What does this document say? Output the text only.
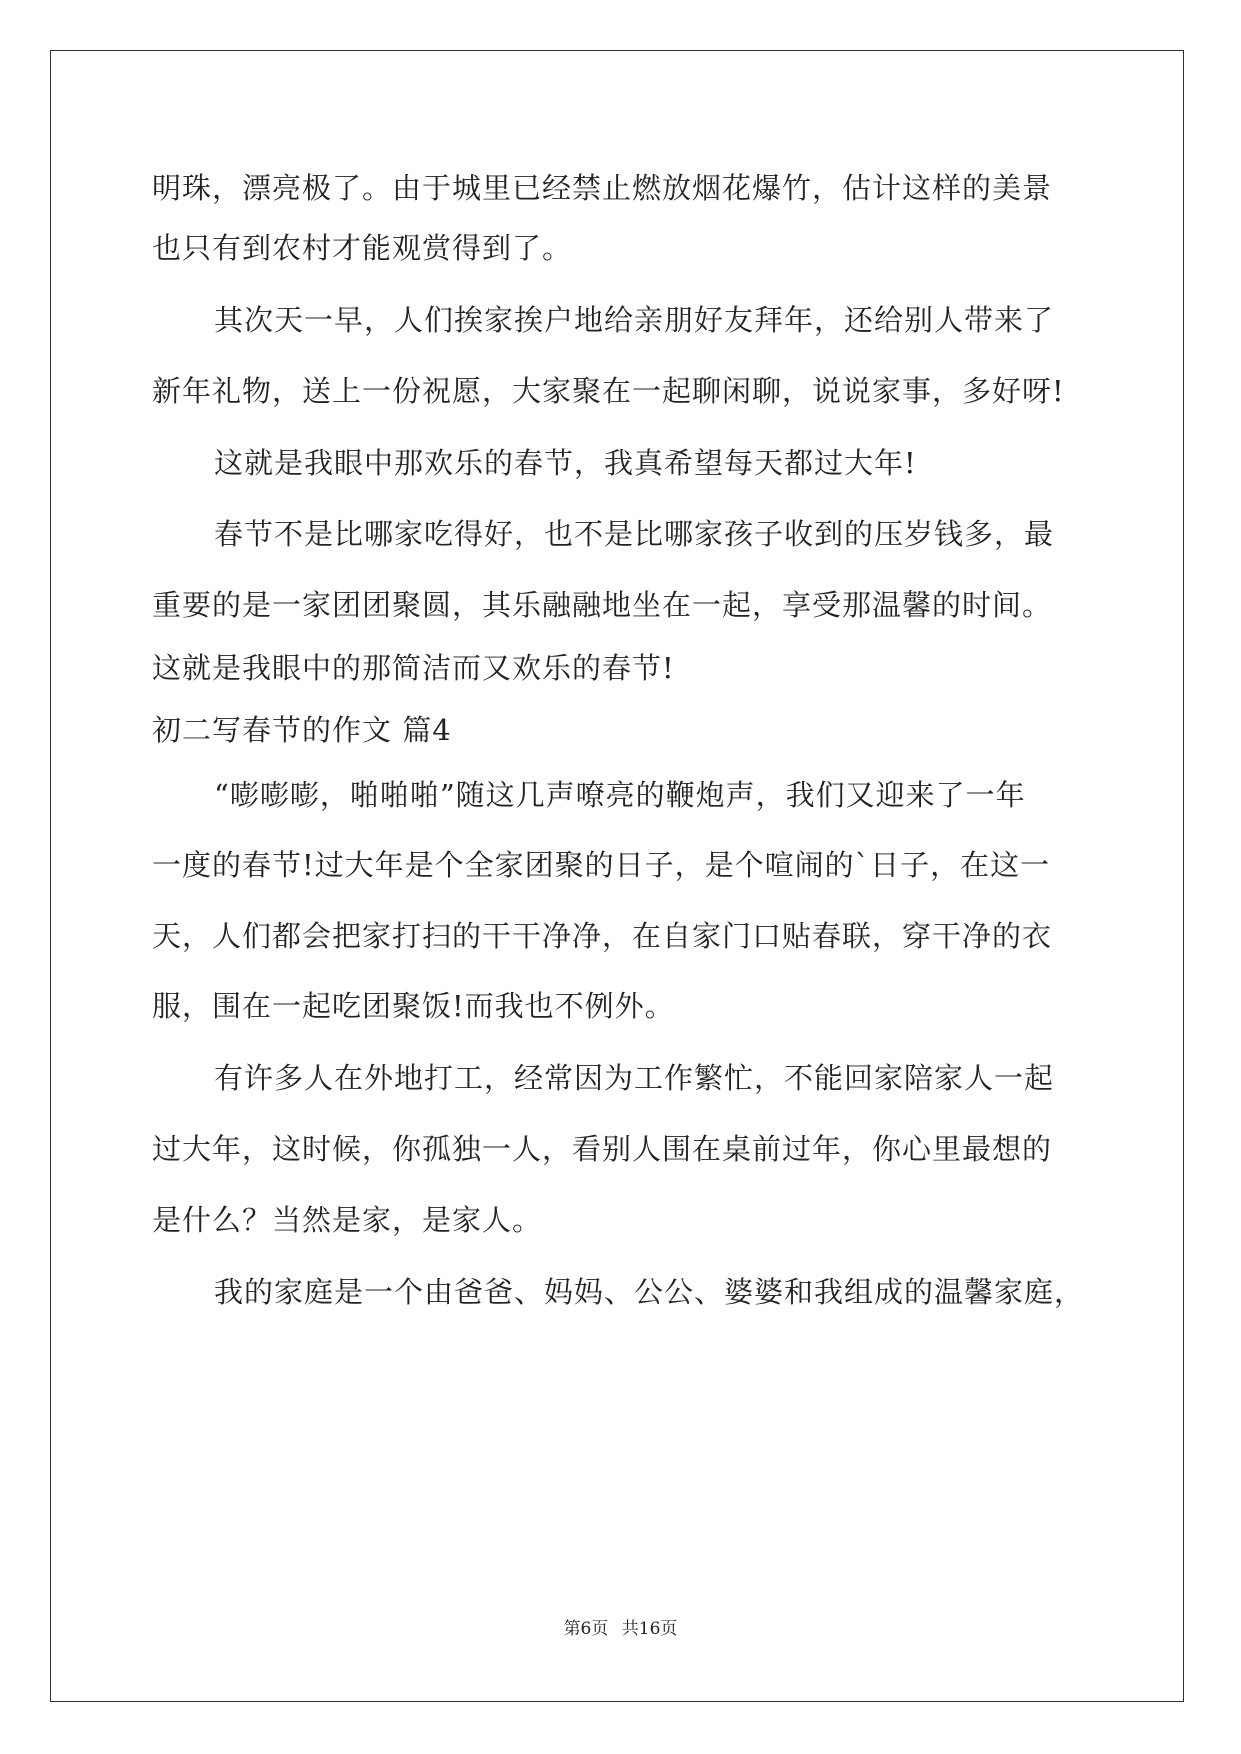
明珠，漂亮极了。由于城里已经禁止燃放烟花爆竹，估计这样的美景
也只有到农村才能观赏得到了。
其次天一早，人们挨家挨户地给亲朋好友拜年，还给别人带来了
新年礼物，送上一份祝愿，大家聚在一起聊闲聊，说说家事，多好呀!
这就是我眼中那欢乐的春节，我真希望每天都过大年!
春节不是比哪家吃得好，也不是比哪家孩子收到的压岁钱多，最
重要的是一家团团聚圆，其乐融融地坐在一起，享受那温馨的时间。
这就是我眼中的那简洁而又欢乐的春节!
初二写春节的作文 篇4
“嘭嘭嘭，啪啪啪”随这几声嘹亮的鞭炮声，我们又迎来了一年
一度的春节!过大年是个全家团聚的日子，是个喧闹的`日子，在这一
天，人们都会把家打扫的干干净净，在自家门口贴春联，穿干净的衣
服，围在一起吃团聚饭!而我也不例外。
有许多人在外地打工，经常因为工作繁忙，不能回家陪家人一起
过大年，这时候，你孤独一人，看别人围在桌前过年，你心里最想的
是什么？当然是家，是家人。
我的家庭是一个由爸爸、妈妈、公公、婆婆和我组成的温馨家庭，
第6页 共16页
